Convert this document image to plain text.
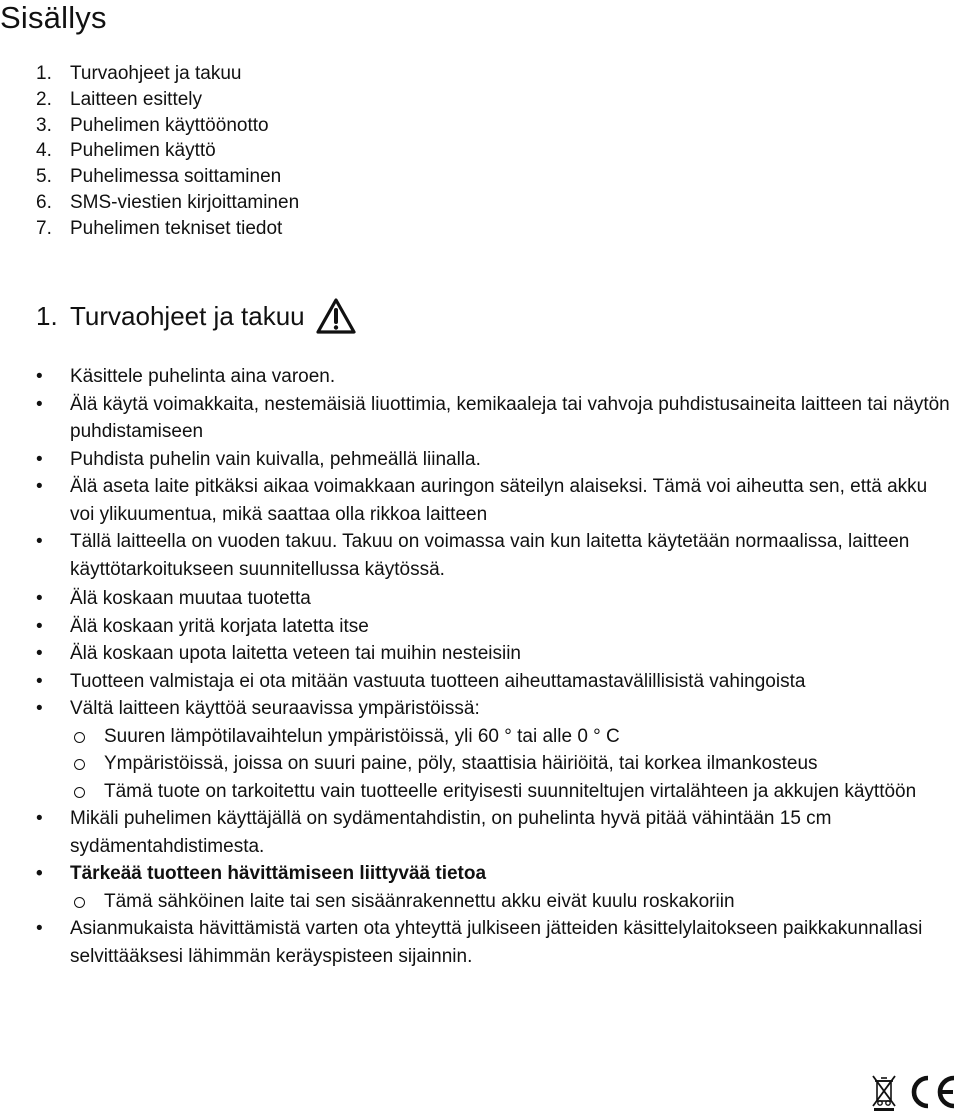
Sisällys
1. Turvaohjeet ja takuu
2. Laitteen esittely
3. Puhelimen käyttöönotto
4. Puhelimen käyttö
5. Puhelimessa soittaminen
6. SMS-viestien kirjoittaminen
7. Puhelimen tekniset tiedot
1. Turvaohjeet ja takuu
• Käsittele puhelinta aina varoen.
• Älä käytä voimakkaita, nestemäisiä liuottimia, kemikaaleja tai vahvoja puhdistusaineita laitteen tai näytön puhdistamiseen
• Puhdista puhelin vain kuivalla, pehmeällä liinalla.
• Älä aseta laite pitkäksi aikaa voimakkaan auringon säteilyn alaiseksi. Tämä voi aiheutta sen, että akku voi ylikuumentua, mikä saattaa olla rikkoa laitteen
• Tällä laitteella on vuoden takuu. Takuu on voimassa vain kun laitetta käytetään normaalissa, laitteen käyttötarkoitukseen suunnitellussa käytössä.
• Älä koskaan muutaa tuotetta
• Älä koskaan yritä korjata latetta itse
• Älä koskaan upota laitetta veteen tai muihin nesteisiin
• Tuotteen valmistaja ei ota mitään vastuuta tuotteen aiheuttamastavälillisistä vahingoista
• Vältä laitteen käyttöä seuraavissa ympäristöissä:
Suuren lämpötilavaihtelun ympäristöissä, yli 60 ° tai alle 0 ° C
Ympäristöissä, joissa on suuri paine, pöly, staattisia häiriöitä, tai korkea ilmankosteus
Tämä tuote on tarkoitettu vain tuotteelle erityisesti suunniteltujen virtalähteen ja akkujen käyttöön
• Mikäli puhelimen käyttäjällä on sydämentahdistin, on puhelinta hyvä pitää vähintään 15 cm sydämentahdistimesta.
• Tärkeää tuotteen hävittämiseen liittyvää tietoa
Tämä sähköinen laite tai sen sisäänrakennettu akku eivät kuulu roskakoriin
• Asianmukaista hävittämistä varten ota yhteyttä julkiseen jätteiden käsittelylaitokseen paikkakunnallasi selvittääksesi lähimmän keräyspisteen sijainnin.
